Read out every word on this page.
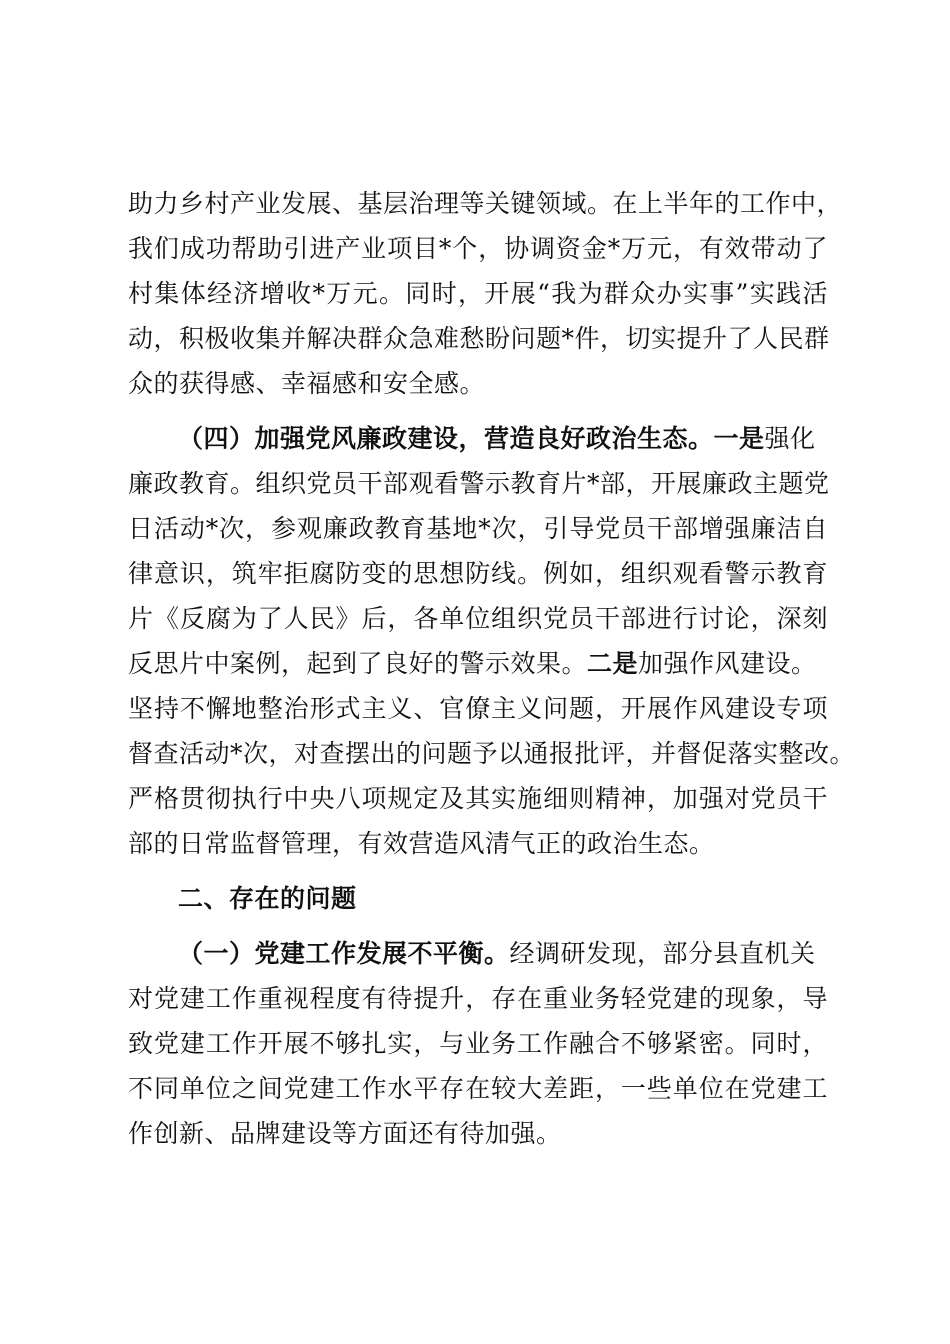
助力乡村产业发展、基层治理等关键领域。在上半年的工作中，
我们成功帮助引进产业项目*个，协调资金*万元，有效带动了
村集体经济增收*万元。同时，开展“我为群众办实事”实践活
动，积极收集并解决群众急难愁盼问题*件，切实提升了人民群
众的获得感、幸福感和安全感。
（四）加强党风廉政建设，营造良好政治生态。一是强化
廉政教育。组织党员干部观看警示教育片*部，开展廉政主题党
日活动*次，参观廉政教育基地*次，引导党员干部增强廉洁自
律意识，筑牢拒腐防变的思想防线。例如，组织观看警示教育
片《反腐为了人民》后，各单位组织党员干部进行讨论，深刻
反思片中案例，起到了良好的警示效果。二是加强作风建设。
坚持不懈地整治形式主义、官僚主义问题，开展作风建设专项
督查活动*次，对查摆出的问题予以通报批评，并督促落实整改。
严格贯彻执行中央八项规定及其实施细则精神，加强对党员干
部的日常监督管理，有效营造风清气正的政治生态。
二、存在的问题
（一）党建工作发展不平衡。经调研发现，部分县直机关
对党建工作重视程度有待提升，存在重业务轻党建的现象，导
致党建工作开展不够扎实，与业务工作融合不够紧密。同时，
不同单位之间党建工作水平存在较大差距，一些单位在党建工
作创新、品牌建设等方面还有待加强。
